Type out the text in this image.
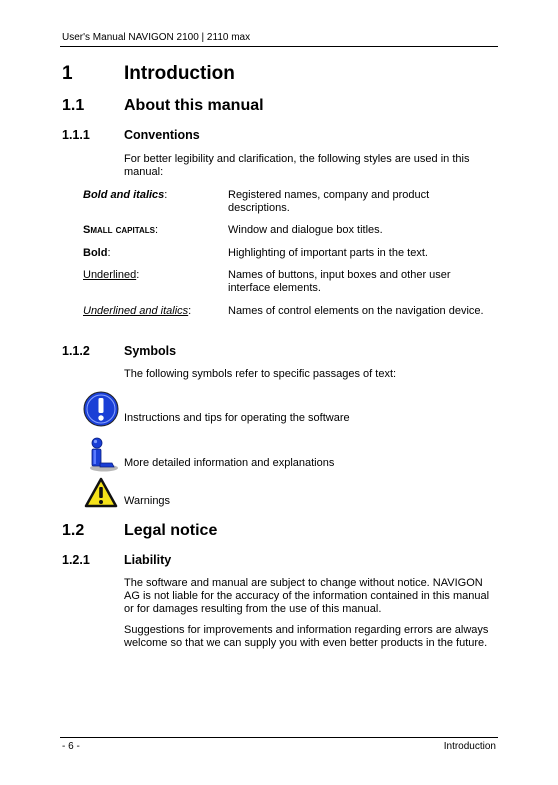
User's Manual NAVIGON 2100 | 2110 max
1	Introduction
1.1 About this manual
1.1.1	Conventions
For better legibility and clarification, the following styles are used in this manual:
Bold and italics:	Registered names, company and product descriptions.
Small capitals:	Window and dialogue box titles.
Bold:	Highlighting of important parts in the text.
Underlined:	Names of buttons, input boxes and other user interface elements.
Underlined and italics:	Names of control elements on the navigation device.
1.1.2	Symbols
The following symbols refer to specific passages of text:
Instructions and tips for operating the software
More detailed information and explanations
Warnings
1.2 Legal notice
1.2.1	Liability
The software and manual are subject to change without notice. NAVIGON AG is not liable for the accuracy of the information contained in this manual or for damages resulting from the use of this manual.
Suggestions for improvements and information regarding errors are always welcome so that we can supply you with even better products in the future.
- 6 -	Introduction
